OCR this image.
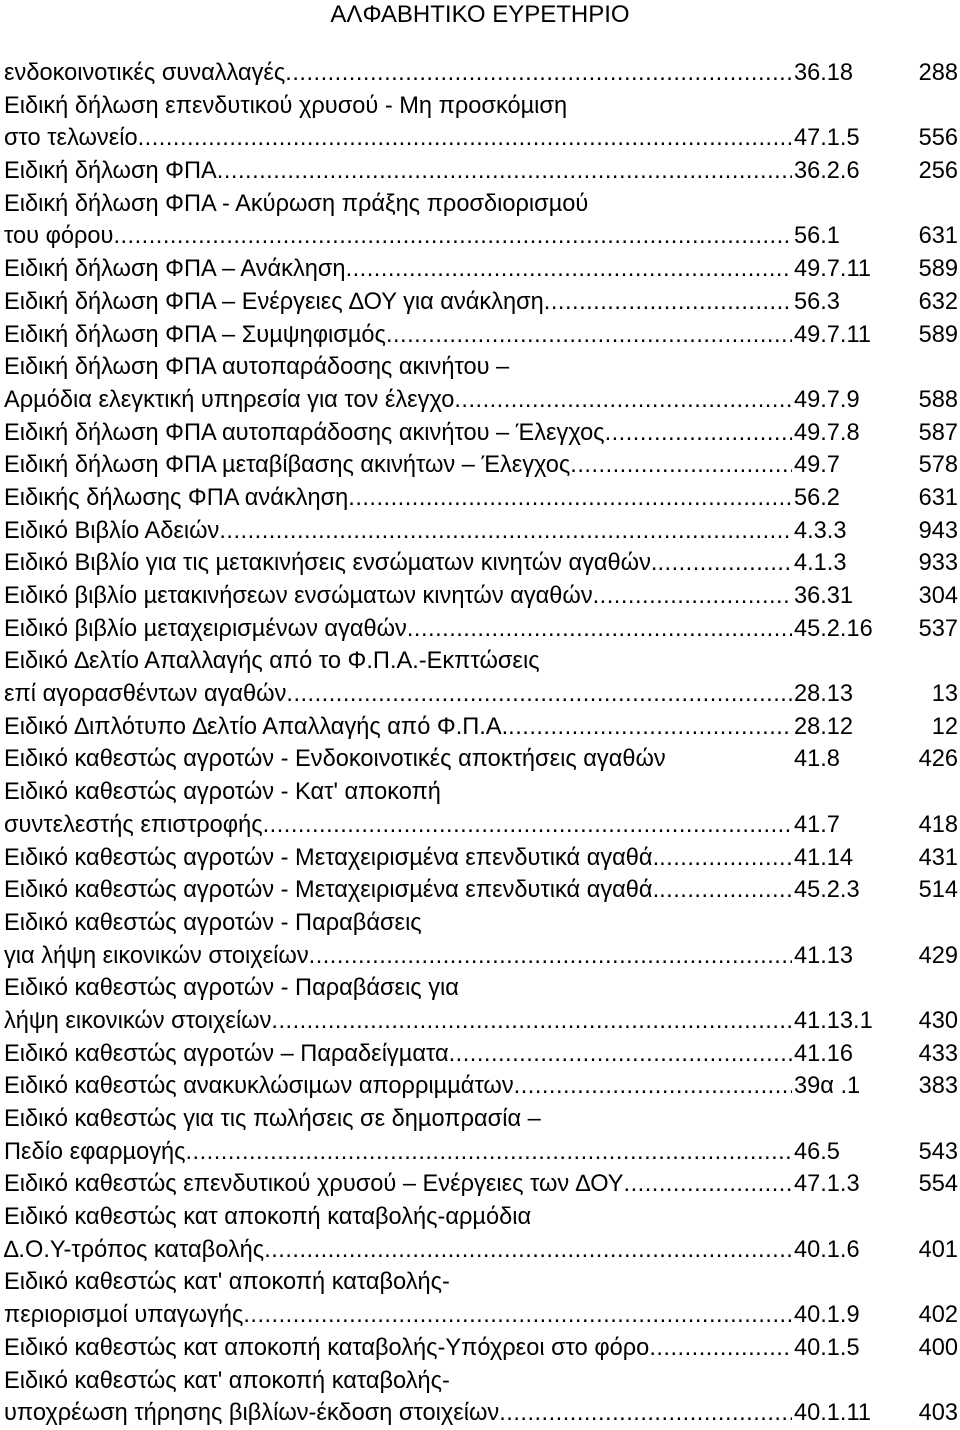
ΑΛΦΑΒΗΤΙΚΟ ΕΥΡΕΤΗΡΙΟ
ενδοκοινοτικές συναλλαγές .....	36.18	288
Ειδική δήλωση επενδυτικού χρυσού - Μη προσκόµιση
στο τελωνείο .....	47.1.5	556
Ειδική δήλωση ΦΠΑ .....	36.2.6	256
Ειδική δήλωση ΦΠΑ - Ακύρωση πράξης προσδιορισµού
του φόρου .....	56.1	631
Ειδική δήλωση ΦΠΑ – Ανάκληση .....	49.7.11	589
Ειδική δήλωση ΦΠΑ – Ενέργειες ∆ΟΥ για ανάκληση .....	56.3	632
Ειδική δήλωση ΦΠΑ – Συµψηφισµός .....	49.7.11	589
Ειδική δήλωση ΦΠΑ αυτοπαράδοσης ακινήτου –
Αρµόδια ελεγκτική υπηρεσία για τον έλεγχο .....	49.7.9	588
Ειδική δήλωση ΦΠΑ αυτοπαράδοσης ακινήτου – Έλεγχος .....	49.7.8	587
Ειδική δήλωση ΦΠΑ µεταβίβασης ακινήτων – Έλεγχος .....	49.7	578
Ειδικής δήλωσης ΦΠΑ ανάκληση .....	56.2	631
Ειδικό Βιβλίο Αδειών .....	4.3.3	943
Ειδικό Βιβλίο για τις µετακινήσεις ενσώµατων κινητών αγαθών. .....	4.1.3	933
Ειδικό βιβλίο µετακινήσεων ενσώµατων κινητών αγαθών .....	36.31	304
Ειδικό βιβλίο µεταχειρισµένων αγαθών .....	45.2.16	537
Ειδικό ∆ελτίο Απαλλαγής από το Φ.Π.Α.-Εκπτώσεις
επί αγορασθέντων αγαθών .....	28.13	13
Ειδικό ∆ιπλότυπο ∆ελτίο Απαλλαγής από Φ.Π.Α. .....	28.12	12
Ειδικό καθεστώς αγροτών - Ενδοκοινοτικές αποκτήσεις αγαθών	41.8	426
Ειδικό καθεστώς αγροτών - Κατ' αποκοπή
συντελεστής επιστροφής .....	41.7	418
Ειδικό καθεστώς αγροτών - Μεταχειρισµένα επενδυτικά αγαθά. .....	41.14	431
Ειδικό καθεστώς αγροτών - Μεταχειρισµένα επενδυτικά αγαθά. .....	45.2.3	514
Ειδικό καθεστώς αγροτών - Παραβάσεις
για λήψη εικονικών στοιχείων .....	41.13	429
Ειδικό καθεστώς αγροτών - Παραβάσεις για
λήψη εικονικών στοιχείων .....	41.13.1	430
Ειδικό καθεστώς αγροτών – Παραδείγµατα .....	41.16	433
Ειδικό καθεστώς ανακυκλώσιµων απορριµµάτων .....	39α .1	383
Ειδικό καθεστώς για τις πωλήσεις σε δηµοπρασία –
Πεδίο εφαρµογής .....	46.5	543
Ειδικό καθεστώς επενδυτικού χρυσού – Ενέργειες των ∆ΟΥ .....	47.1.3	554
Ειδικό καθεστώς κατ αποκοπή καταβολής-αρµόδια
∆.Ο.Υ-τρόπος καταβολής .....	40.1.6	401
Ειδικό καθεστώς κατ' αποκοπή καταβολής-
περιορισµοί υπαγωγής .....	40.1.9	402
Ειδικό καθεστώς κατ αποκοπή καταβολής-Υπόχρεοι στο φόρο .....	40.1.5	400
Ειδικό καθεστώς κατ' αποκοπή καταβολής-
υποχρέωση τήρησης βιβλίων-έκδοση στοιχείων .....	40.1.11	403
